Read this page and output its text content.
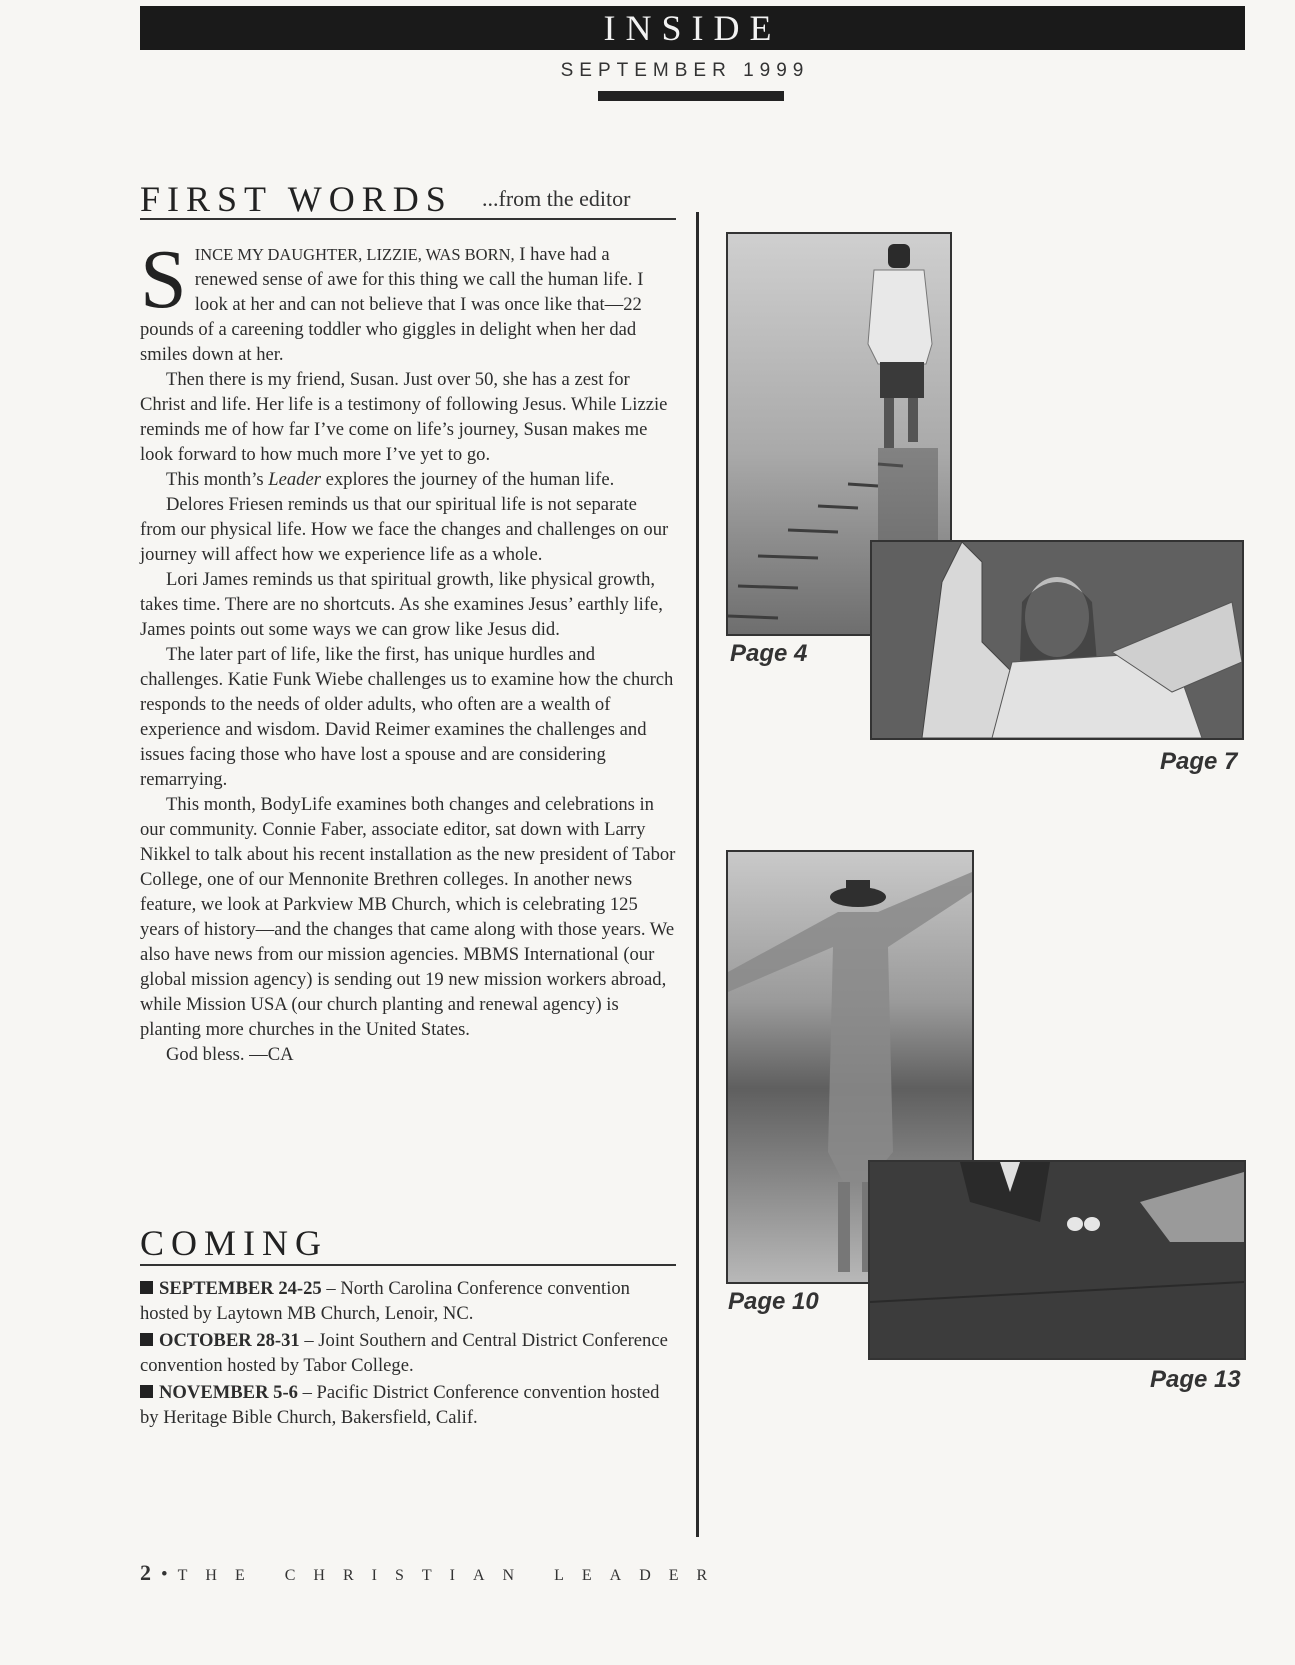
INSIDE
SEPTEMBER 1999
FIRST WORDS ...from the editor

SINCE MY DAUGHTER, LIZZIE, WAS BORN, I have had a renewed sense of awe for this thing we call the human life. I look at her and can not believe that I was once like that—22 pounds of a careening toddler who giggles in delight when her dad smiles down at her.

Then there is my friend, Susan. Just over 50, she has a zest for Christ and life. Her life is a testimony of following Jesus. While Lizzie reminds me of how far I’ve come on life’s journey, Susan makes me look forward to how much more I’ve yet to go.

This month’s Leader explores the journey of the human life.

Delores Friesen reminds us that our spiritual life is not separate from our physical life. How we face the changes and challenges on our journey will affect how we experience life as a whole.

Lori James reminds us that spiritual growth, like physical growth, takes time. There are no shortcuts. As she examines Jesus’ earthly life, James points out some ways we can grow like Jesus did.

The later part of life, like the first, has unique hurdles and challenges. Katie Funk Wiebe challenges us to examine how the church responds to the needs of older adults, who often are a wealth of experience and wisdom. David Reimer examines the challenges and issues facing those who have lost a spouse and are considering remarrying.

This month, BodyLife examines both changes and celebrations in our community. Connie Faber, associate editor, sat down with Larry Nikkel to talk about his recent installation as the new president of Tabor College, one of our Mennonite Brethren colleges. In another news feature, we look at Parkview MB Church, which is celebrating 125 years of history—and the changes that came along with those years. We also have news from our mission agencies. MBMS International (our global mission agency) is sending out 19 new mission workers abroad, while Mission USA (our church planting and renewal agency) is planting more churches in the United States.

God bless. —CA

COMING
SEPTEMBER 24-25 – North Carolina Conference convention hosted by Laytown MB Church, Lenoir, NC.
OCTOBER 28-31 – Joint Southern and Central District Conference convention hosted by Tabor College.
NOVEMBER 5-6 – Pacific District Conference convention hosted by Heritage Bible Church, Bakersfield, Calif.
Page 4
Page 7
Page 10
Page 13
2 • THE CHRISTIAN LEADER
